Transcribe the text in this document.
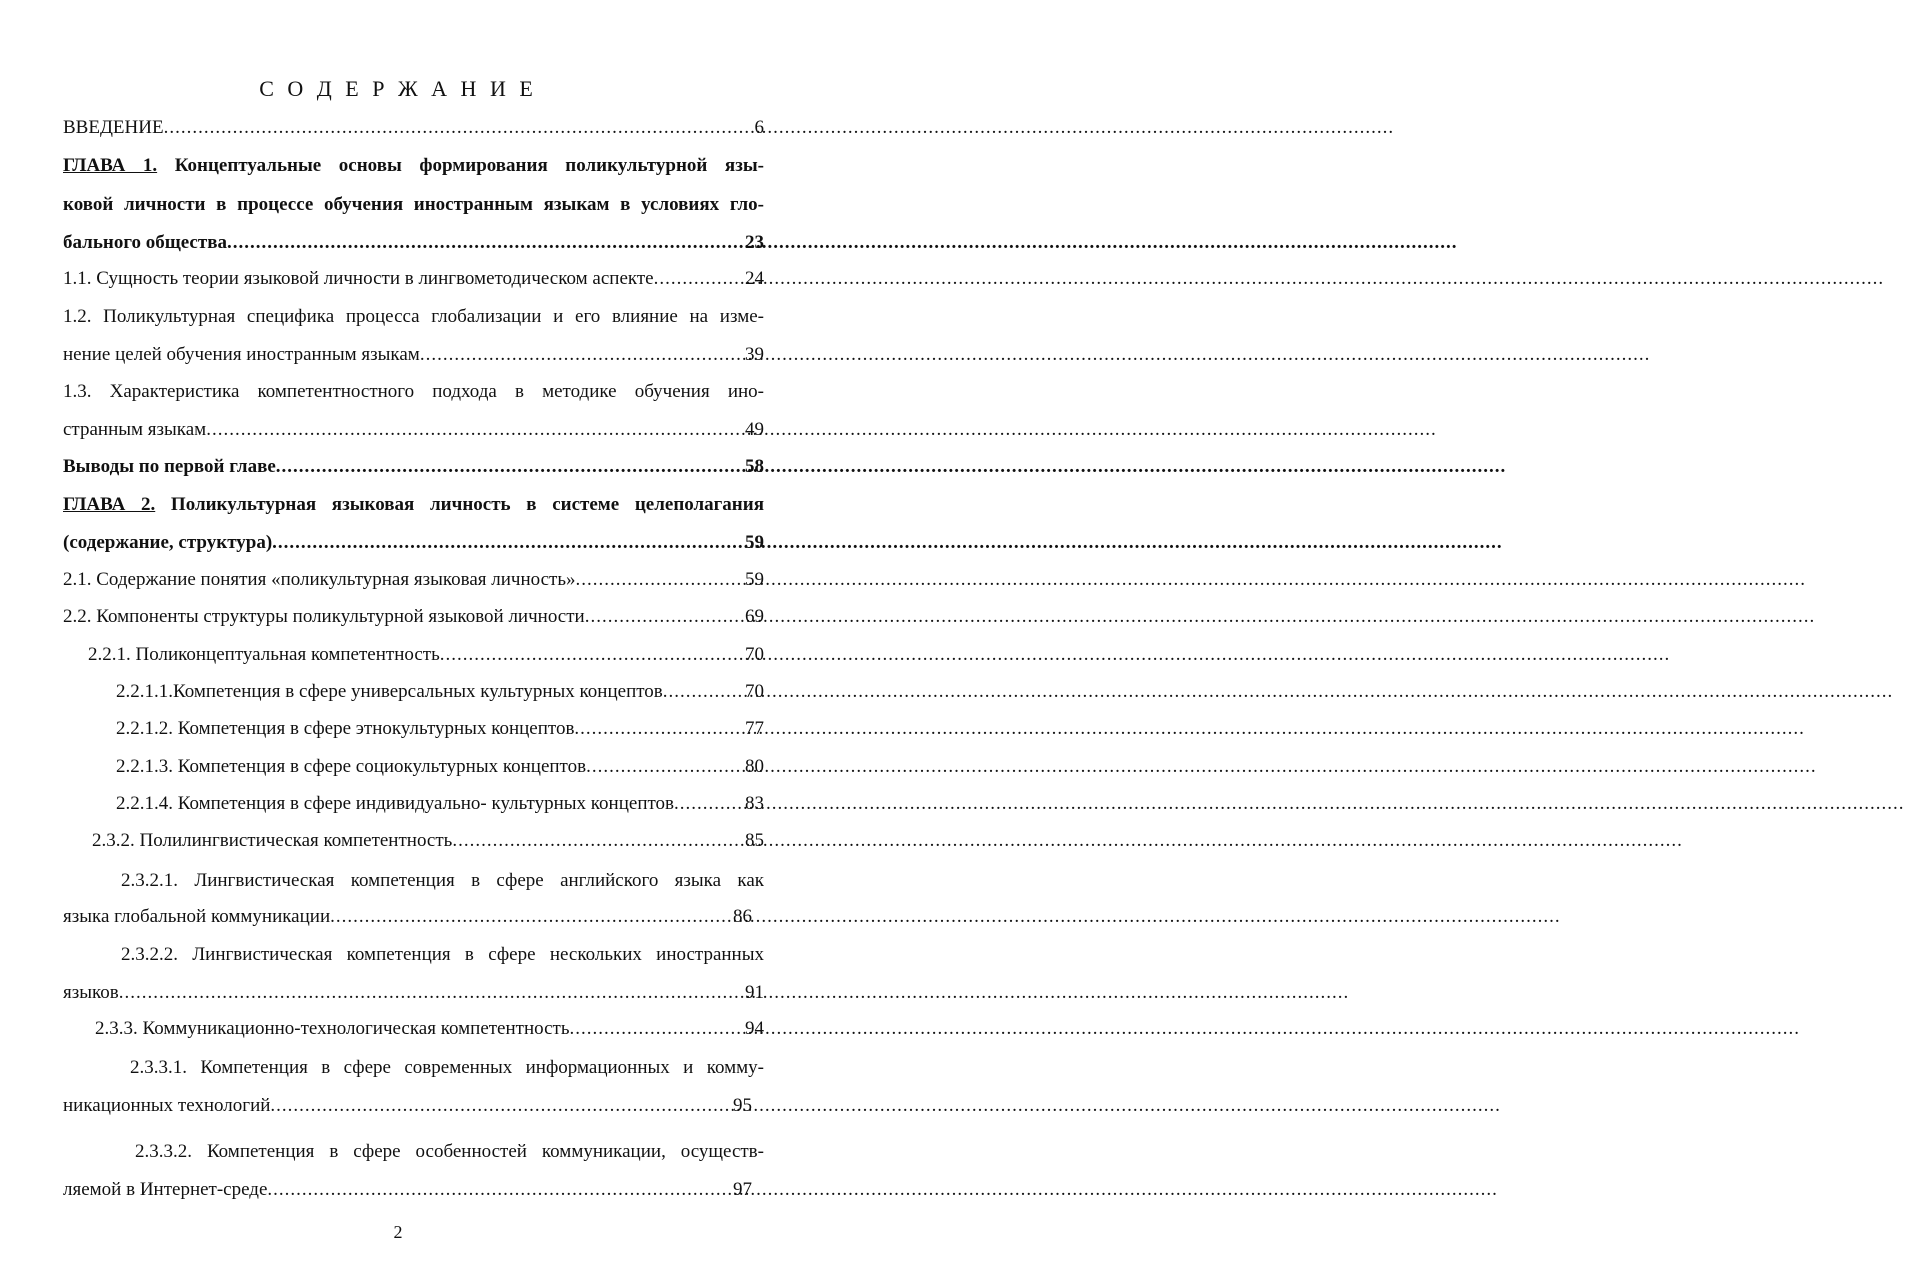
С О Д Е Р Ж А Н И Е
ВВЕДЕНИЕ .....	6
ГЛАВА 1. Концептуальные основы формирования поликультурной язы-
ковой личности в процессе обучения иностранным языкам в условиях гло-
бального общества .....	23
1.1. Сущность теории языковой личности в лингвометодическом аспекте .....	24
1.2. Поликультурная специфика процесса глобализации и его влияние на изме-
нение целей обучения иностранным языкам .....	39
1.3. Характеристика компетентностного подхода в методике обучения ино-
странным языкам .....	49
Выводы по первой главе .....	58
ГЛАВА 2. Поликультурная языковая личность в системе целеполагания
(содержание, структура) .....	59
2.1. Содержание понятия «поликультурная языковая личность» .....	59
2.2. Компоненты структуры поликультурной языковой личности .....	69
2.2.1. Поликонцептуальная компетентность .....	70
2.2.1.1.Компетенция в сфере универсальных культурных концептов .....	70
2.2.1.2. Компетенция в сфере этнокультурных концептов .....	77
2.2.1.3. Компетенция в сфере социокультурных концептов .....	80
2.2.1.4. Компетенция в сфере индивидуально- культурных концептов .....	83
2.3.2. Полилингвистическая компетентность .....	85
2.3.2.1. Лингвистическая компетенция в сфере английского языка как
языка глобальной коммуникации .....	86
2.3.2.2. Лингвистическая компетенция в сфере нескольких иностранных
языков .....	91
2.3.3. Коммуникационно-технологическая компетентность .....	94
2.3.3.1. Компетенция в сфере современных информационных и комму-
никационных технологий .....	95
2.3.3.2. Компетенция в сфере особенностей коммуникации, осуществ-
ляемой в Интернет-среде .....	97
2
